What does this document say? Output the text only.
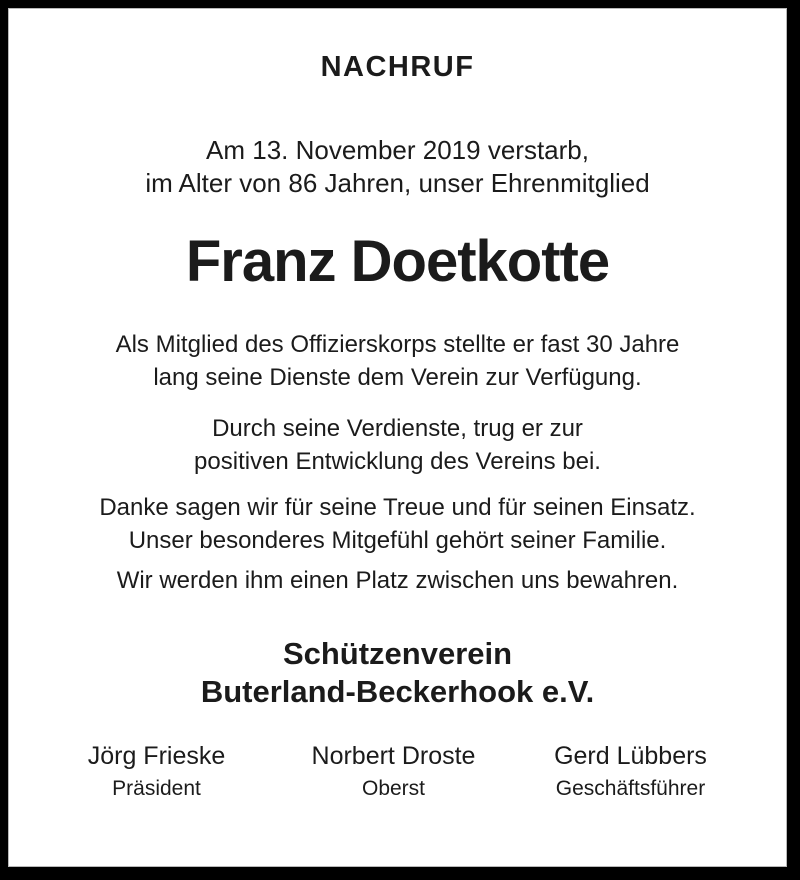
NACHRUF
Am 13. November 2019 verstarb,
im Alter von 86 Jahren, unser Ehrenmitglied
Franz Doetkotte
Als Mitglied des Offizierskorps stellte er fast 30 Jahre
lang seine Dienste dem Verein zur Verfügung.
Durch seine Verdienste, trug er zur
positiven Entwicklung des Vereins bei.
Danke sagen wir für seine Treue und für seinen Einsatz.
Unser besonderes Mitgefühl gehört seiner Familie.
Wir werden ihm einen Platz zwischen uns bewahren.
Schützenverein
Buterland-Beckerhook e.V.
Jörg Frieske
Präsident
Norbert Droste
Oberst
Gerd Lübbers
Geschäftsführer
